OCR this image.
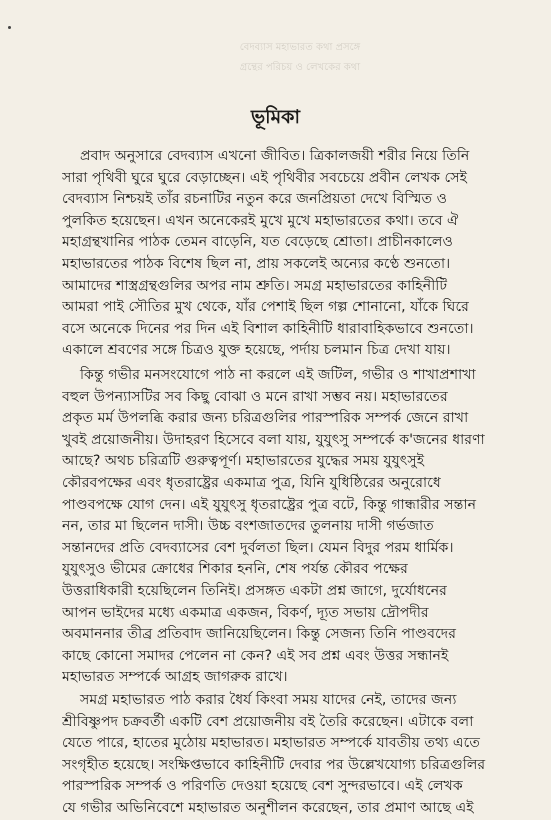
বেদব্যাস মহাভারত কথা প্রসঙ্গে
গ্রন্থের পরিচয় ও লেখকের কথা
ভূমিকা
প্রবাদ অনুসারে বেদব্যাস এখনো জীবিত। ত্রিকালজয়ী শরীর নিয়ে তিনি
সারা পৃথিবী ঘুরে ঘুরে বেড়াচ্ছেন। এই পৃথিবীর সবচেয়ে প্রবীন লেখক সেই
বেদব্যাস নিশ্চয়ই তাঁর রচনাটির নতুন করে জনপ্রিয়তা দেখে বিস্মিত ও
পুলকিত হয়েছেন। এখন অনেকেরই মুখে মুখে মহাভারতের কথা। তবে ঐ
মহাগ্রন্থখানির পাঠক তেমন বাড়েনি, যত বেড়েছে শ্রোতা। প্রাচীনকালেও
মহাভারতের পাঠক বিশেষ ছিল না, প্রায় সকলেই অন্যের কণ্ঠে শুনতো।
আমাদের শাস্ত্রগ্রন্থগুলির অপর নাম শ্রুতি। সমগ্র মহাভারতের কাহিনীটি
আমরা পাই সৌতির মুখ থেকে, যাঁর পেশাই ছিল গল্প শোনানো, যাঁকে ঘিরে
বসে অনেকে দিনের পর দিন এই বিশাল কাহিনীটি ধারাবাহিকভাবে শুনতো।
একালে শ্রবণের সঙ্গে চিত্রও যুক্ত হয়েছে, পর্দায় চলমান চিত্র দেখা যায়।
কিন্তু গভীর মনসংযোগে পাঠ না করলে এই জটিল, গভীর ও শাখাপ্রশাখা
বহুল উপন্যাসটির সব কিছু বোঝা ও মনে রাখা সম্ভব নয়। মহাভারতের
প্রকৃত মর্ম উপলব্ধি করার জন্য চরিত্রগুলির পারস্পরিক সম্পর্ক জেনে রাখা
খুবই প্রয়োজনীয়। উদাহরণ হিসেবে বলা যায়, যুযুৎসু সম্পর্কে ক'জনের ধারণা
আছে? অথচ চরিত্রটি গুরুত্বপূর্ণ। মহাভারতের যুদ্ধের সময় যুযুৎসুই
কৌরবপক্ষের এবং ধৃতরাষ্ট্রের একমাত্র পুত্র, যিনি যুধিষ্ঠিরের অনুরোধে
পাণ্ডবপক্ষে যোগ দেন। এই যুযুৎসু ধৃতরাষ্ট্রের পুত্র বটে, কিন্তু গান্ধারীর সন্তান
নন, তার মা ছিলেন দাসী। উচ্চ বংশজাতদের তুলনায় দাসী গর্ভজাত
সন্তানদের প্রতি বেদব্যাসের বেশ দুর্বলতা ছিল। যেমন বিদুর পরম ধার্মিক।
যুযুৎসুও ভীমের ক্রোধের শিকার হননি, শেষ পর্যন্ত কৌরব পক্ষের
উত্তরাধিকারী হয়েছিলেন তিনিই। প্রসঙ্গত একটা প্রশ্ন জাগে, দুর্যোধনের
আপন ভাইদের মধ্যে একমাত্র একজন, বিকর্ণ, দ্যূত সভায় দ্রৌপদীর
অবমাননার তীব্র প্রতিবাদ জানিয়েছিলেন। কিন্তু সেজন্য তিনি পাণ্ডবদের
কাছে কোনো সমাদর পেলেন না কেন? এই সব প্রশ্ন এবং উত্তর সন্ধানই
মহাভারত সম্পর্কে আগ্রহ জাগরুক রাখে।
সমগ্র মহাভারত পাঠ করার ধৈর্য কিংবা সময় যাদের নেই, তাদের জন্য
শ্রীবিষ্ণুপদ চক্রবর্তী একটি বেশ প্রয়োজনীয় বই তৈরি করেছেন। এটাকে বলা
যেতে পারে, হাতের মুঠোয় মহাভারত। মহাভারত সম্পর্কে যাবতীয় তথ্য এতে
সংগৃহীত হয়েছে। সংক্ষিপ্তভাবে কাহিনীটি দেবার পর উল্লেখযোগ্য চরিত্রগুলির
পারস্পরিক সম্পর্ক ও পরিণতি দেওয়া হয়েছে বেশ সুন্দরভাবে। এই লেখক
যে গভীর অভিনিবেশে মহাভারত অনুশীলন করেছেন, তার প্রমাণ আছে এই
